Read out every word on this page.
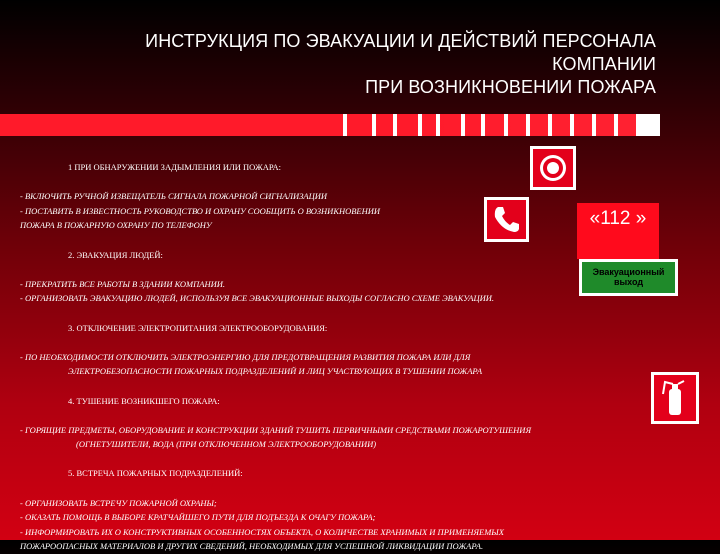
ИНСТРУКЦИЯ ПО ЭВАКУАЦИИ И ДЕЙСТВИЙ ПЕРСОНАЛА
КОМПАНИИ
ПРИ ВОЗНИКНОВЕНИИ ПОЖАРА
«112 »
Эвакуационный
выход
1 ПРИ ОБНАРУЖЕНИИ ЗАДЫМЛЕНИЯ ИЛИ ПОЖАРА:
- ВКЛЮЧИТЬ РУЧНОЙ ИЗВЕЩАТЕЛЬ СИГНАЛА ПОЖАРНОЙ СИГНАЛИЗАЦИИ
- ПОСТАВИТЬ В ИЗВЕСТНОСТЬ РУКОВОДСТВО И ОХРАНУ СООБЩИТЬ О ВОЗНИКНОВЕНИИ
ПОЖАРА В ПОЖАРНУЮ ОХРАНУ ПО ТЕЛЕФОНУ
2. ЭВАКУАЦИЯ ЛЮДЕЙ:
- ПРЕКРАТИТЬ ВСЕ РАБОТЫ В ЗДАНИИ КОМПАНИИ.
- ОРГАНИЗОВАТЬ ЭВАКУАЦИЮ ЛЮДЕЙ, ИСПОЛЬЗУЯ ВСЕ ЭВАКУАЦИОННЫЕ ВЫХОДЫ СОГЛАСНО СХЕМЕ ЭВАКУАЦИИ.
3. ОТКЛЮЧЕНИЕ ЭЛЕКТРОПИТАНИЯ ЭЛЕКТРООБОРУДОВАНИЯ:
- ПО НЕОБХОДИМОСТИ ОТКЛЮЧИТЬ ЭЛЕКТРОЭНЕРГИЮ ДЛЯ ПРЕДОТВРАЩЕНИЯ РАЗВИТИЯ ПОЖАРА ИЛИ ДЛЯ
ЭЛЕКТРОБЕЗОПАСНОСТИ ПОЖАРНЫХ ПОДРАЗДЕЛЕНИЙ И ЛИЦ УЧАСТВУЮЩИХ В ТУШЕНИИ ПОЖАРА
4. ТУШЕНИЕ ВОЗНИКШЕГО ПОЖАРА:
- ГОРЯЩИЕ ПРЕДМЕТЫ, ОБОРУДОВАНИЕ И КОНСТРУКЦИИ ЗДАНИЙ ТУШИТЬ ПЕРВИЧНЫМИ СРЕДСТВАМИ ПОЖАРОТУШЕНИЯ
(ОГНЕТУШИТЕЛИ, ВОДА (ПРИ ОТКЛЮЧЕННОМ ЭЛЕКТРООБОРУДОВАНИИ)
5. ВСТРЕЧА ПОЖАРНЫХ ПОДРАЗДЕЛЕНИЙ:
- ОРГАНИЗОВАТЬ ВСТРЕЧУ ПОЖАРНОЙ ОХРАНЫ;
- ОКАЗАТЬ ПОМОЩЬ В ВЫБОРЕ КРАТЧАЙШЕГО ПУТИ ДЛЯ ПОДЪЕЗДА К ОЧАГУ ПОЖАРА;
- ИНФОРМИРОВАТЬ ИХ О КОНСТРУКТИВНЫХ ОСОБЕННОСТЯХ ОБЪЕКТА, О КОЛИЧЕСТВЕ ХРАНИМЫХ И ПРИМЕНЯЕМЫХ
ПОЖАРООПАСНЫХ МАТЕРИАЛОВ И ДРУГИХ СВЕДЕНИЙ, НЕОБХОДИМЫХ ДЛЯ УСПЕШНОЙ ЛИКВИДАЦИИ ПОЖАРА.
